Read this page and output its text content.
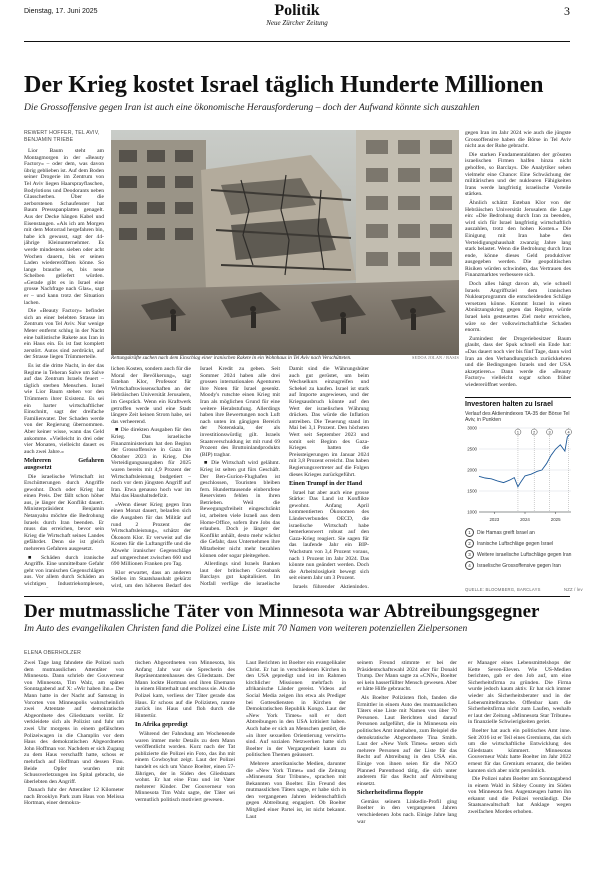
Dienstag, 17. Juni 2025	Politik
Neue Zürcher Zeitung
3
Der Krieg kostet Israel täglich Hunderte Millionen
Die Grossoffensive gegen Iran ist auch eine ökonomische Herausforderung – doch der Aufwand könnte sich auszahlen
REWERT HOFFER, TEL AVIV,
BENJAMIN TRIEBE

Lior Baum steht am Montagmorgen in der «Beauty Factory» – oder dem, was davon übrig geblieben ist. Auf dem Boden seiner Drogerie im Zentrum von Tel Aviv liegen Haarsprayflaschen, Bodylotions und Deodorants neben Glasscherben. Über die zerborstenen Schaufenster hat Baum Pressspanplatten genagelt. Aus der Decke hängen Kabel und Eisenstangen. «Als ich am Morgen mit dem Motorrad hergefahren bin, habe ich gewusst, sagt der 44-jährige Kleinunternehmer. Es werde mindestens sieben oder acht Wochen dauern, bis er seinen Laden wiedereröffnen könne. So lange brauche es, bis neue Scheiben geliefert würden. «Gerade gibt es in Israel eine grosse Nachfrage nach Glas», sagt er – und kann trotz der Situation lachen.

Die «Beauty Factory» befindet sich an einer belebten Strasse im Zentrum von Tel Aviv. Nur wenige Meter entfernt schlug in der Nacht eine ballistische Rakete aus Iran in ein Haus ein. Es ist fast komplett zerstört. Autos sind zerdrückt, auf der Strasse liegen Trümmerteile.

Es ist die dritte Nacht, in der das Regime in Teheran Salve um Salve auf das Zentrum Israels feuert – täglich sterben Menschen. Israel wie Lior Baum stehen vor den Trümmern ihrer Existenz. Es sei ein harter wirtschaftlicher Einschnitt, sagt der dreifache Familienvater. Der Schaden werde von der Regierung übernommen. Aber keiner wisse, wann das Geld ankomme. «Vielleicht in drei oder vier Monaten, vielleicht dauert es auch zwei Jahre.»

Mehreren Gefahren ausgesetzt

Die israelische Wirtschaft ist Erschütterungen durch Angriffe gewohnt. Doch oder Krieg hat einen Preis. Der fällt schon höher aus, je länger der Konflikt dauert. Ministerpräsident Benjamin Netanyahu möchte die Bedrohung Israels durch Iran beenden. Er muss das erreichen, bevor sein Krieg die Wirtschaft seines Landes gefährdet. Denn sie ist gleich mehreren Gefahren ausgesetzt.

■ Schäden durch iranische Angriffe. Eine unmittelbare Gefahr geht von iranischen Gegenschlägen aus. Vor allem durch Schäden an wichtigen Industriekomplexen,

Rettungskräfte suchen nach dem Einschlag einer iranischen Rakete in ein Wohnhaus in Tel Aviv nach Verschütteten.	SEDOA JOLAN / BASIS

lichen Kosten, sondern auch für die Moral der Bevölkerung», sagt Esteban Klor, Professor für Wirtschaftswissenschaften an der Hebräischen Universität Jerusalem, im Gespräch. Wenn ein Kraftwerk getroffen werde und eine Stadt längere Zeit keinen Strom habe, sei das verheerend.

■ Die direkten Ausgaben für den Krieg. Das israelische Finanzministerium hat den Beginn der Grossoffensive in Gaza im Oktober 2023 in Krieg. Die Verteidigungsausgaben für 2025 waren bereits mit 4,9 Prozent der Wirtschaftsleistung budgetiert – noch vor dem jüngsten Angriff auf Iran. Etwa genauso hoch war im Mai das Haushaltsdefizit.

«Wenn dieser Krieg gegen Iran einen Monat dauert, belaufen sich die Ausgaben für das Militär auf rund 2 Prozent der Wirtschaftsleistung», schätzt der Ökonom Klor. Er verweist auf die Kosten für die Luftangriffe und die Abwehr iranischer Gegenschläge auf umgerechnet zwischen 660 und 690 Millionen Franken pro Tag.

Klor erwartet, dass an anderen Stellen im Staatshaushalt gekürzt wird, um den höheren Bedarf des

Israel Kredit zu geben. Seit Sommer 2024 haben alle drei grossen internationalen Agenturen ihre Noten für Israel gesenkt. Moody's rutschte einen Krieg mit Iran als möglichen Grund für eine weitere Herabstufung. Allerdings haben ihre Bewertungen noch Luft nach unten im gängigen Bereich der Notenskala, der als investitionswürdig gilt. Israels Staatsverschuldung ist mit rund 69 Prozent des Bruttoinlandprodukts (BIP) tragbar.

■ Die Wirtschaft wird gelähmt. Krieg ist selten gut fürs Geschäft. Der Ben-Gurion-Flughafen ist geschlossen, Touristen bleiben fern. Hunderttausende einberufene Reservisten fehlen in ihren Betrieben. Weil die Bewegungsfreiheit eingeschränkt ist, arbeiten viele Israeli aus dem Home-Office, sofern ihre Jobs das erlauben. Doch je länger der Konflikt anhält, desto mehr wächst die Gefahr, dass Unternehmen ihre Mitarbeiter nicht mehr bezahlen können oder sogar pleitegehen.

Allerdings sind Israels Banken laut der britischen Grossbank Barclays gut kapitalisiert. Im Notfall verfüge die israelische

Damit sind die Währungshüter auch gut gerüstet, um beim Wechselkurs einzugreifen und Schekel zu kaufen. Israel ist stark auf Importe angewiesen, und der Kriegsausbruch könnte auf den Wert der israelischen Währung drücken. Das würde die Inflation antreiben. Die Teuerung stand im Mai bei 3,1 Prozent. Den höchsten Wert seit September 2023 und somit seit Beginn des Gaza-Krieges hatten die Preissteigerungen im Januar 2024 mit 3,8 Prozent erreicht. Das haben Regierungsvertreter auf die Folgen dieses Krieges zurückgeführt.

Einen Trumpf in der Hand

Israel hat aber auch eine grosse Stärke: Das Land ist Konflikte gewohnt. Anfang April kommentierten Ökonomen des Länderverbundes OECD, die israelische Wirtschaft habe bemerkenswert robust auf den Gaza-Krieg reagiert. Sie sagen für das laufende Jahr ein BIP-Wachstum von 3,4 Prozent voraus, nach 1 Prozent im Jahr 2024. Das könnte nun geändert werden. Doch die Arbeitslosigkeit bewegt sich seit einem Jahr um 3 Prozent.

Israels führender Aktienindex,

gegen Iran im Jahr 2024 wie auch die jüngste Grossoffensive haben die Börse in Tel Aviv nicht aus der Ruhe gebracht.

Die starken Fundamentaldaten der grössten israelischen Firmen halfen hinzu nicht geholfen, so Barclays. Die Analytiker sehen vielmehr eine Chance: Eine Schwächung der militärischen und der nuklearen Fähigkeiten Irans werde langfristig israelische Vorteile stärken.

Ähnlich schätzt Esteban Klor von der Hebräischen Universität Jerusalem die Lage ein: «Die Bedrohung durch Iran zu beenden, wird sich für Israel langfristig wirtschaftlich auszahlen, trotz den hohen Kosten.» Die Einigung mit Iran habe den Verteidigungshaushalt zwanzig Jahre lang stark belastet. Wenn die Bedrohung durch Iran ende, könne dieses Geld produktiver ausgegeben werden. Die geopolitischen Risiken würden schwinden, das Vertrauen des Finanzmarktes verbessere sich.

Doch alles hängt davon ab, wie schnell Israels Angriffsziel dem iranischen Nuklearprogramm die entscheidenden Schläge versetzen könne. Kommt Israel in einen Abnützungskrieg gegen das Regime, würde Israel kein gesteuertes Ziel mehr erreichen, wäre so der volkswirtschaftliche Schaden enorm.

Zumindest der Drogeriebesitzer Baum glaubt, dass der Spuk schnell ein Ende hat: «Das dauert noch vier bis fünf Tage, dann wird Iran an den Verhandlungstisch zurückkehren und die Bedingungen Israels und der USA akzeptieren.» Dann werde die «Beauty Factory» vielleicht sogar schon früher wiedereröffnet werden.

Investoren halten zu Israel
Verlauf des Aktienindexes TA-35 der Börse Tel Aviv, in Punkten
1000
1500
2000
2500
3000
2023	2024	2025
1	2	3	4
1 Die Hamas greift Israel an
2 Iranische Luftschläge gegen Israel
3 Weitere israelische Luftschläge gegen Iran
4 Israelische Grossoffensive gegen Iran
QUELLE: BLOOMBERG, BARCLAYS	NZZ / lev
Der mutmassliche Täter von Minnesota war Abtreibungsgegner
Im Auto des evangelikalen Christen fand die Polizei eine Liste mit 70 Namen von weiteren potenziellen Zielpersonen
ELENA OBERHOLZER

Zwei Tage lang fahndete die Polizei nach dem mutmasslichen Attentäter von Minnesota. Dann schrieb der Gouverneur von Minnesota, Tim Walz, am späten Sonntagabend auf X: «Wir haben ihn.» Der Mann hatte in der Nacht auf Samstag in Vororten von Minneapolis wahrscheinlich zwei Attentate auf demokratische Abgeordnete des Gliedstaats verübt. Er verkleidete sich als Polizist und fuhr um zwei Uhr morgens in einem gefälschten Polizeiwagen in die Champlin vor dem Haus des demokratischen Abgeordneten John Hoffman vor. Nachdem er sich Zugang zu dem Haus verschafft hatte, schoss er mehrfach auf Hoffman und dessen Frau. Beide Opfer wurden mit Schussverletzungen ins Spital gebracht, sie überlebten den Angriff.

Danach fuhr der Attentäter 12 Kilometer nach Brooklyn Park zum Haus von Melissa Hortman, einer demokra-

tischen Abgeordneten von Minnesota, bis Anfang Jahr war sie Sprecherin des Repräsentantenhauses des Gliedstaats. Der Mann lockte Hortman und ihren Ehemann in einem Hinterhalt und erschoss sie. Als die Polizei kam, verliess der Täter gerade das Haus. Er schoss auf die Polizisten, rannte zurück ins Haus und floh durch die Hintertür.

In Afrika gepredigt

Während der Fahndung am Wochenende waren immer mehr Details zu dem Mann veröffentlicht worden. Kurz nach der Tat publizierte die Polizei ein Foto, das ihn mit einem Cowboyhut zeigt. Laut der Polizei handelt es sich um Vance Boelter, einen 57-Jährigen, der in Süden des Gliedstaats wohnt. Er hat eine Frau und ist Vater mehrerer Kinder. Der Gouverneur von Minnesota Tim Walz sagte, der Täter sei vermutlich politisch motiviert gewesen.

Laut Berichten ist Boelter ein evangelikaler Christ. Er hat in verschiedenen Kirchen in den USA gepredigt und ist im Rahmen kirchlicher Missionen mehrfach in afrikanische Länder gereist. Videos auf Social Media zeigen ihn etwa als Prediger bei Gottesdiensten in Kirchen der Demokratischen Republik Kongo. Laut der «New York Times» soll er dort Abtreibungen in den USA kritisiert haben. Auch habe er sich an Menschen gestört, die «in ihrer sexuellen Orientierung verwirrt» sind. Auf sozialen Netzwerken hatte sich Boelter in der Vergangenheit kaum zu politischen Themen geäussert.

Mehrere amerikanische Medien, darunter die «New York Times» und die Zeitung «Minnesota Star Tribune», sprachen mit Bekannten von Boelter. Ein Freund des mutmasslichen Täters sagte, er habe sich in den vergangenen Jahren leidenschaftlich gegen Abtreibung engagiert. Ob Boelter Mitglied einer Partei ist, ist nicht bekannt. Laut

seinem Freund stimmte er bei der Präsidentschaftswahl 2024 aber für Donald Trump. Der Mann sagte zu «CNN», Boelter sei kein hasserfüllter Mensch gewesen. Aber er hätte Hilfe gebraucht.

Als Boelter Polizisten floh, fanden die Ermittler in einem Auto des mutmasslichen Täters eine Liste mit Namen von über 70 Personen. Laut Berichten sind darauf Personen aufgeführt, die in Minnesota ein politisches Amt innehaben, zum Beispiel die demokratische Abgeordnete Tina Smith. Laut der «New York Times» setzen sich mehrere Personen auf der Liste für das Recht auf Abtreibung in den USA ein. Einige von ihnen seien für die NGO Planned Parenthood tätig, die sich unter anderem für das Recht auf Abtreibung einsetzt.

Sicherheitsfirma floppte

Gemäss seinem Linkedin-Profil ging Boelter in den vergangenen Jahren verschiedenen Jobs nach. Einige Jahre lang war

er Manager eines Lebensmittelshops der Kette Seven-Eleven. Wie US-Medien berichten, gab er den Job auf, um eine Sicherheitsfirma zu gründen. Die Firma wurde jedoch kaum aktiv. Er hat sich immer wieder als Sicherheitsberater und in der Lebensmittelbranche. Offenbar kam die Sicherheitsfirma nicht zum Laufen, weshalb er laut der Zeitung «Minnesota Star Tribune» in finanzielle Schwierigkeiten geriet.

Boelter hat auch ein politisches Amt inne. Seit 2016 ist er Teil eines Gremiums, das sich um die wirtschaftliche Entwicklung des Gliedstaats kümmert. Minnesotas Gouverneur Walz hatte Boelter im Jahr 2022 erneut für das Gremium ernannt, die beiden kannten sich aber nicht persönlich.

Die Polizei nahm Boelter am Sonntagabend in einem Wald in Sibley County im Süden von Minnesota fest. Augenzeugen hatten ihn erkannt und die Polizei verständigt. Die Staatsanwaltschaft hat Anklage wegen zweifachen Mordes erhoben.
